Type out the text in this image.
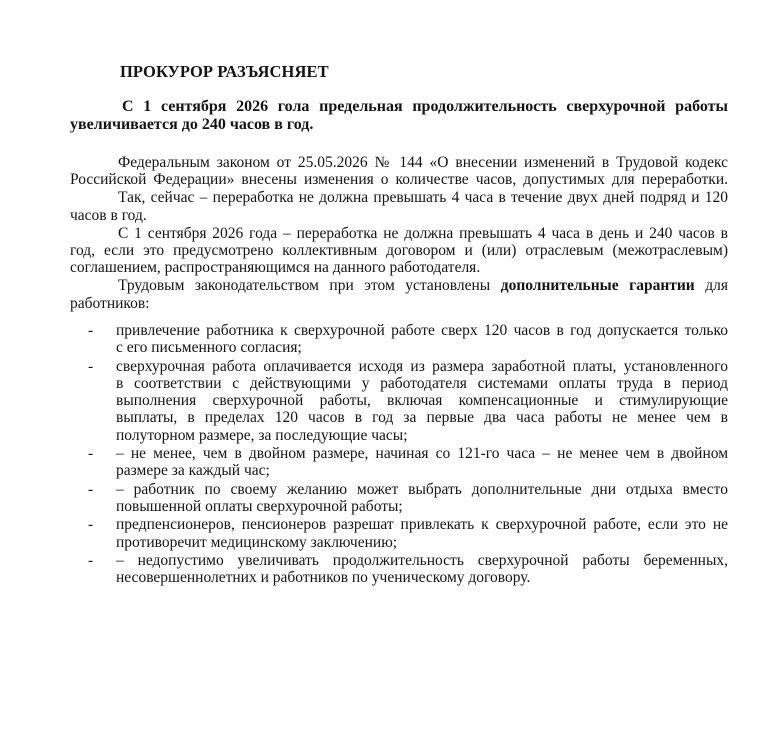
ПРОКУРОР РАЗЪЯСНЯЕТ
С 1 сентября 2026 гола предельная продолжительность сверхурочной работы
увеличивается до 240 часов в год.
Федеральным законом от 25.05.2026 № 144 «О внесении изменений в Трудовой кодекс
Российской Федерации» внесены изменения о количестве часов, допустимых для переработки.
Так, сейчас – переработка не должна превышать 4 часа в течение двух дней подряд и 120
часов в год.
С 1 сентября 2026 года – переработка не должна превышать 4 часа в день и 240 часов в
год, если это предусмотрено коллективным договором и (или) отраслевым (межотраслевым)
соглашением, распространяющимся на данного работодателя.
Трудовым законодательством при этом установлены дополнительные гарантии для
работников:
-	привлечение работника к сверхурочной работе сверх 120 часов в год допускается только
с его письменного согласия;
-	сверхурочная работа оплачивается исходя из размера заработной платы, установленного
в соответствии с действующими у работодателя системами оплаты труда в период
выполнения сверхурочной работы, включая компенсационные и стимулирующие
выплаты, в пределах 120 часов в год за первые два часа работы не менее чем в
полуторном размере, за последующие часы;
-	– не менее, чем в двойном размере, начиная со 121-го часа – не менее чем в двойном
размере за каждый час;
-	– работник по своему желанию может выбрать дополнительные дни отдыха вместо
повышенной оплаты сверхурочной работы;
-	предпенсионеров, пенсионеров разрешат привлекать к сверхурочной работе, если это не
противоречит медицинскому заключению;
-	– недопустимо увеличивать продолжительность сверхурочной работы беременных,
несовершеннолетних и работников по ученическому договору.
